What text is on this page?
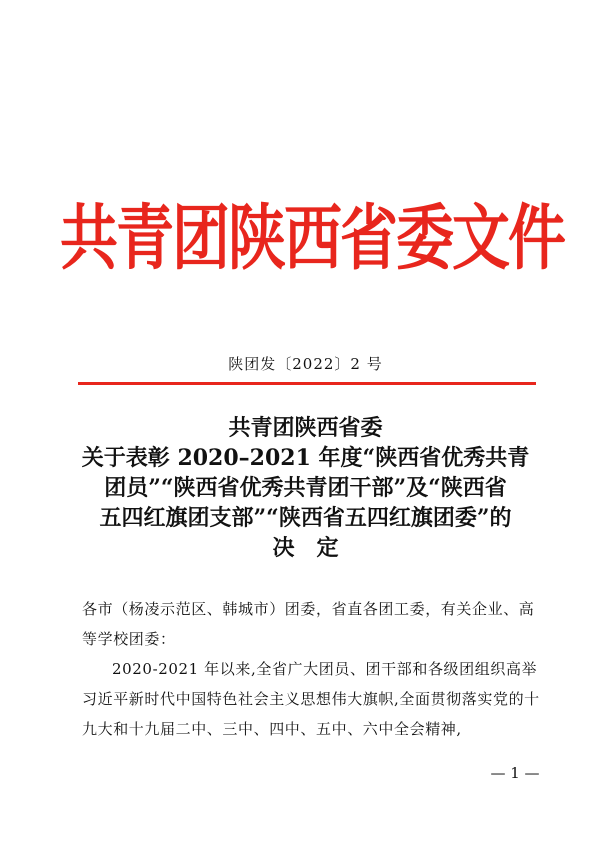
共青团陕西省委文件
陕团发〔2022〕2 号
共青团陕西省委
关于表彰 2020–2021 年度“陕西省优秀共青
团员”“陕西省优秀共青团干部”及“陕西省
五四红旗团支部”“陕西省五四红旗团委”的
决　定

各市（杨凌示范区、韩城市）团委，省直各团工委，有关企业、高等学校团委：

2020-2021 年以来,全省广大团员、团干部和各级团组织高举习近平新时代中国特色社会主义思想伟大旗帜,全面贯彻落实党的十九大和十九届二中、三中、四中、五中、六中全会精神,

— 1 —
